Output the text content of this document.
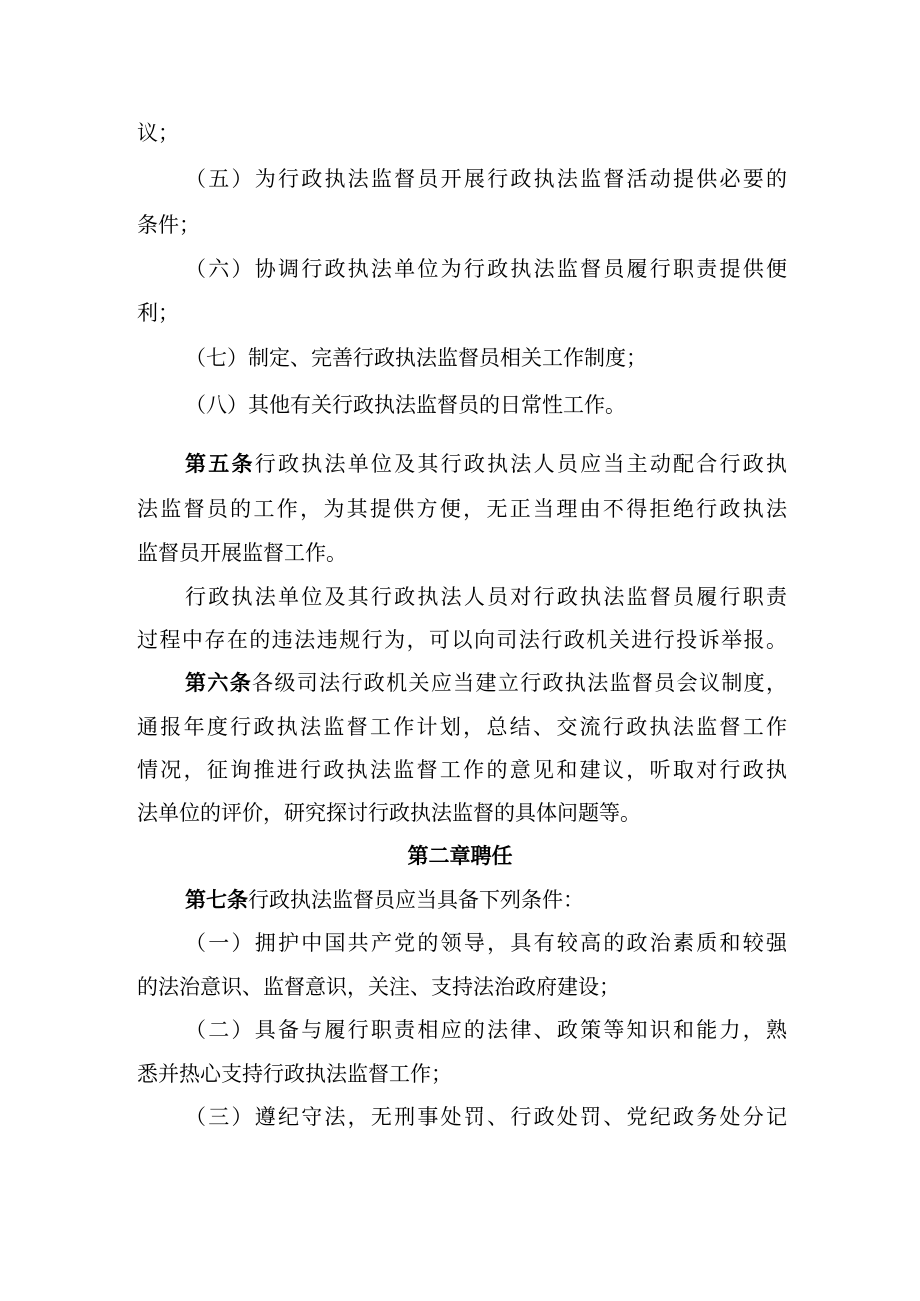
议；
（五）为行政执法监督员开展行政执法监督活动提供必要的
条件；
（六）协调行政执法单位为行政执法监督员履行职责提供便
利；
（七）制定、完善行政执法监督员相关工作制度；
（八）其他有关行政执法监督员的日常性工作。
第五条行政执法单位及其行政执法人员应当主动配合行政执
法监督员的工作，为其提供方便，无正当理由不得拒绝行政执法
监督员开展监督工作。
行政执法单位及其行政执法人员对行政执法监督员履行职责
过程中存在的违法违规行为，可以向司法行政机关进行投诉举报。
第六条各级司法行政机关应当建立行政执法监督员会议制度，
通报年度行政执法监督工作计划，总结、交流行政执法监督工作
情况，征询推进行政执法监督工作的意见和建议，听取对行政执
法单位的评价，研究探讨行政执法监督的具体问题等。
第二章聘任
第七条行政执法监督员应当具备下列条件：
（一）拥护中国共产党的领导，具有较高的政治素质和较强
的法治意识、监督意识，关注、支持法治政府建设；
（二）具备与履行职责相应的法律、政策等知识和能力，熟
悉并热心支持行政执法监督工作；
（三）遵纪守法，无刑事处罚、行政处罚、党纪政务处分记
